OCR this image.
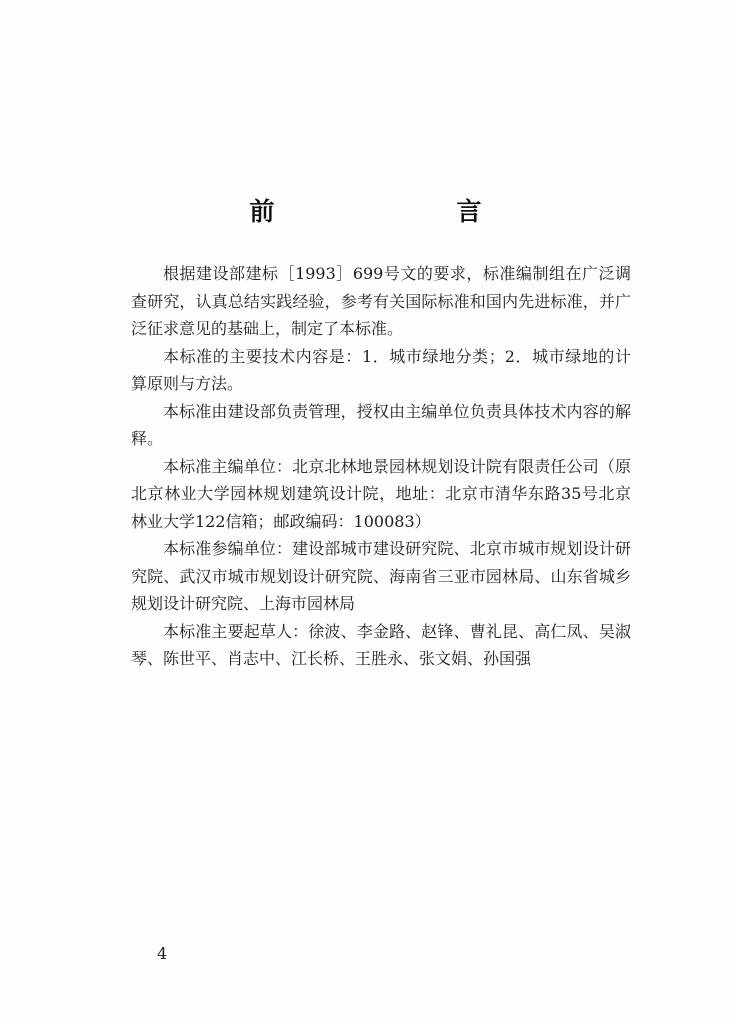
前　　言

根据建设部建标［1993］699号文的要求，标准编制组在广泛调查研究，认真总结实践经验，参考有关国际标准和国内先进标准，并广泛征求意见的基础上，制定了本标准。

本标准的主要技术内容是：1．城市绿地分类；2．城市绿地的计算原则与方法。

本标准由建设部负责管理，授权由主编单位负责具体技术内容的解释。

本标准主编单位：北京北林地景园林规划设计院有限责任公司（原北京林业大学园林规划建筑设计院，地址：北京市清华东路35号北京林业大学122信箱；邮政编码：100083）

本标准参编单位：建设部城市建设研究院、北京市城市规划设计研究院、武汉市城市规划设计研究院、海南省三亚市园林局、山东省城乡规划设计研究院、上海市园林局

本标准主要起草人：徐波、李金路、赵锋、曹礼昆、高仁凤、吴淑琴、陈世平、肖志中、江长桥、王胜永、张文娟、孙国强

4
